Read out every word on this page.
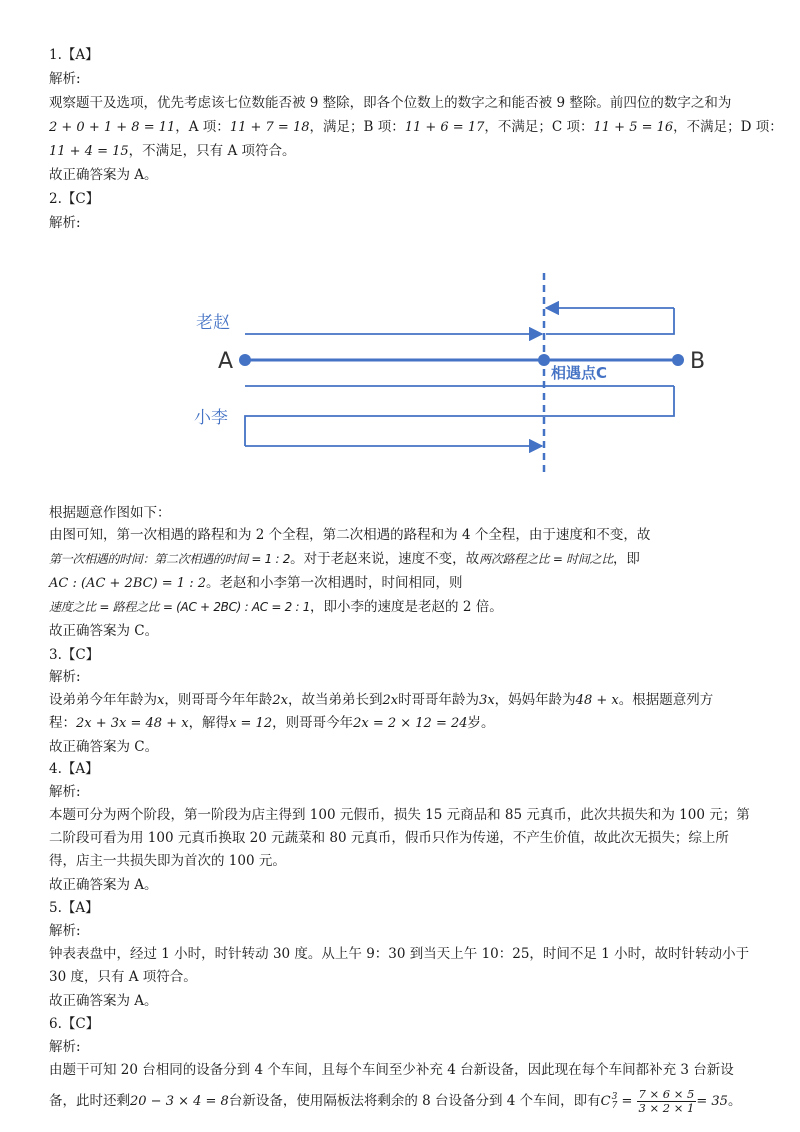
1.【A】
解析:
观察题干及选项，优先考虑该七位数能否被 9 整除，即各个位数上的数字之和能否被 9 整除。前四位的数字之和为
2 + 0 + 1 + 8 = 11，A 项：11 + 7 = 18，满足；B 项：11 + 6 = 17，不满足；C 项：11 + 5 = 16，不满足；D 项：
11 + 4 = 15，不满足，只有 A 项符合。
故正确答案为 A。
2.【C】
解析:
老赵
小李
A	B
相遇点C
根据题意作图如下：
由图可知，第一次相遇的路程和为 2 个全程，第二次相遇的路程和为 4 个全程，由于速度和不变，故
第一次相遇的时间：第二次相遇的时间 = 1 : 2。对于老赵来说，速度不变，故两次路程之比 = 时间之比，即
AC : (AC + 2BC) = 1 : 2。老赵和小李第一次相遇时，时间相同，则
速度之比 = 路程之比 = (AC + 2BC) : AC = 2 : 1，即小李的速度是老赵的 2 倍。
故正确答案为 C。
3.【C】
解析:
设弟弟今年年龄为x，则哥哥今年年龄2x，故当弟弟长到2x时哥哥年龄为3x，妈妈年龄为48 + x。根据题意列方
程：2x + 3x = 48 + x，解得x = 12，则哥哥今年2x = 2 × 12 = 24岁。
故正确答案为 C。
4.【A】
解析:
本题可分为两个阶段，第一阶段为店主得到 100 元假币，损失 15 元商品和 85 元真币，此次共损失和为 100 元；第
二阶段可看为用 100 元真币换取 20 元蔬菜和 80 元真币，假币只作为传递，不产生价值，故此次无损失；综上所
得，店主一共损失即为首次的 100 元。
故正确答案为 A。
5.【A】
解析:
钟表表盘中，经过 1 小时，时针转动 30 度。从上午 9：30 到当天上午 10：25，时间不足 1 小时，故时针转动小于
30 度，只有 A 项符合。
故正确答案为 A。
6.【C】
解析:
由题干可知 20 台相同的设备分到 4 个车间，且每个车间至少补充 4 台新设备，因此现在每个车间都补充 3 台新设
备，此时还剩20 − 3 × 4 = 8台新设备，使用隔板法将剩余的 8 台设备分到 4 个车间，即有C 3
$7 = \frac{7 \times 6 \times 5}{3 \times 2 \times 1} = 35$。
